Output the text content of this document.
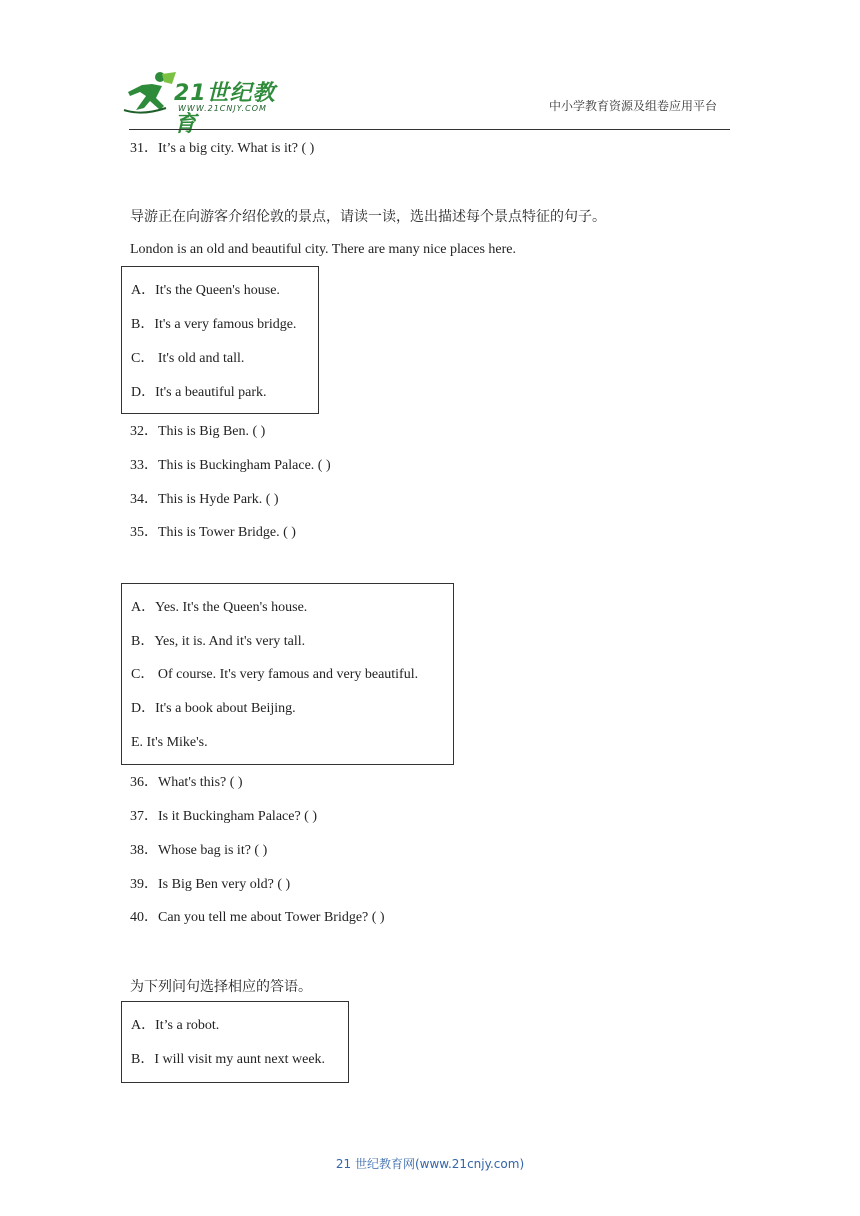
21世纪教育
WWW.21CNJY.COM	中小学教育资源及组卷应用平台
31．It’s a big city. What is it? ( )
导游正在向游客介绍伦敦的景点，请读一读，选出描述每个景点特征的句子。
London is an old and beautiful city. There are many nice places here.
A．It's the Queen's house.
B．It's a very famous bridge.
C． It's old and tall.
D．It's a beautiful park.
32．This is Big Ben. ( )
33．This is Buckingham Palace. ( )
34．This is Hyde Park. ( )
35．This is Tower Bridge. ( )
A．Yes. It's the Queen's house.
B．Yes, it is. And it's very tall.
C． Of course. It's very famous and very beautiful.
D．It's a book about Beijing.
E. It's Mike's.
36．What's this? ( )
37．Is it Buckingham Palace? ( )
38．Whose bag is it? ( )
39．Is Big Ben very old? ( )
40．Can you tell me about Tower Bridge? ( )
为下列问句选择相应的答语。
A．It’s a robot.
B．I will visit my aunt next week.
21 世纪教育网(www.21cnjy.com)
